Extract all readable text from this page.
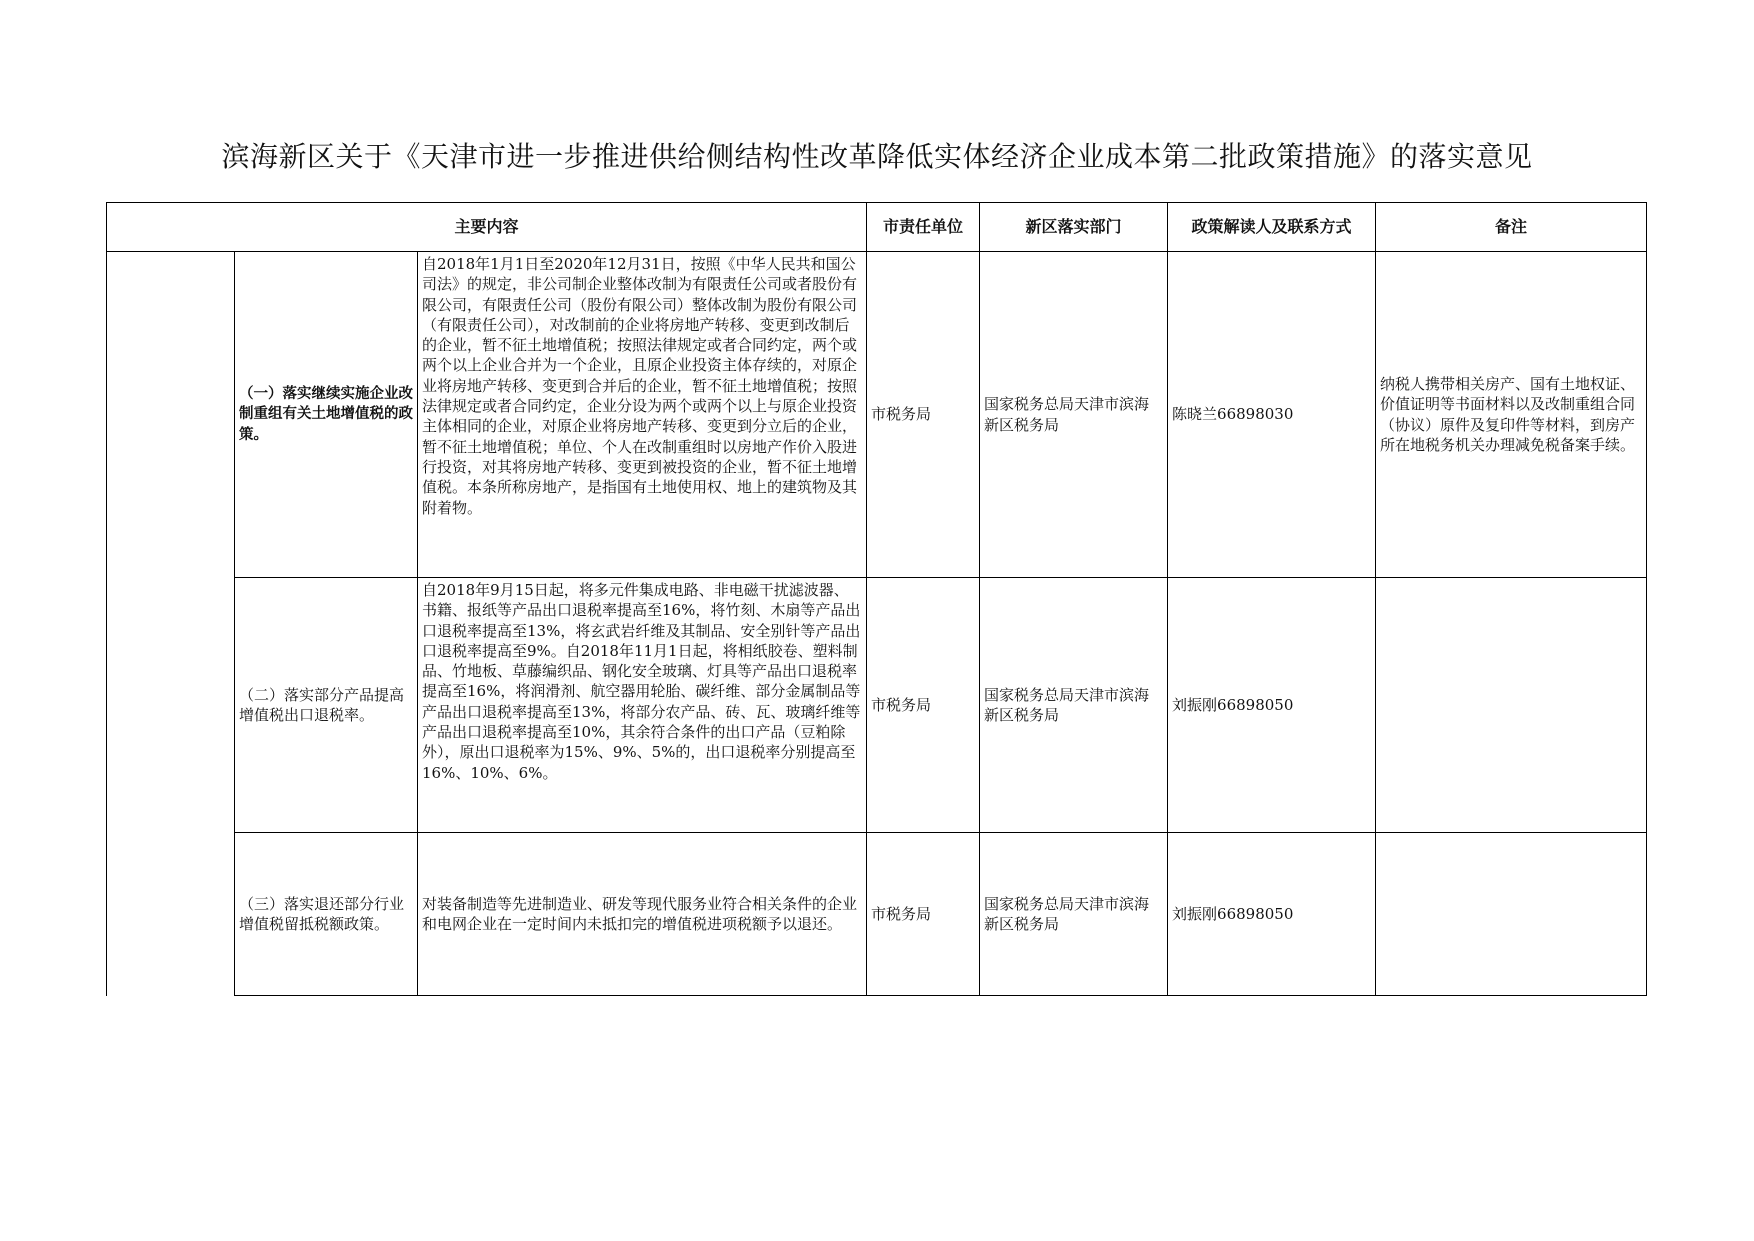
滨海新区关于《天津市进一步推进供给侧结构性改革降低实体经济企业成本第二批政策措施》的落实意见
主要内容			市责任单位	新区落实部门	政策解读人及联系方式	备注
	（一）落实继续实施企业改制重组有关土地增值税的政策。	自2018年1月1日至2020年12月31日，按照《中华人民共和国公司法》的规定，非公司制企业整体改制为有限责任公司或者股份有限公司，有限责任公司（股份有限公司）整体改制为股份有限公司（有限责任公司），对改制前的企业将房地产转移、变更到改制后的企业，暂不征土地增值税；按照法律规定或者合同约定，两个或两个以上企业合并为一个企业，且原企业投资主体存续的，对原企业将房地产转移、变更到合并后的企业，暂不征土地增值税；按照法律规定或者合同约定，企业分设为两个或两个以上与原企业投资主体相同的企业，对原企业将房地产转移、变更到分立后的企业，暂不征土地增值税；单位、个人在改制重组时以房地产作价入股进行投资，对其将房地产转移、变更到被投资的企业，暂不征土地增值税。本条所称房地产，是指国有土地使用权、地上的建筑物及其附着物。	市税务局	国家税务总局天津市滨海新区税务局	陈晓兰66898030	纳税人携带相关房产、国有土地权证、价值证明等书面材料以及改制重组合同（协议）原件及复印件等材料，到房产所在地税务机关办理减免税备案手续。
	（二）落实部分产品提高增值税出口退税率。	自2018年9月15日起，将多元件集成电路、非电磁干扰滤波器、书籍、报纸等产品出口退税率提高至16%，将竹刻、木扇等产品出口退税率提高至13%，将玄武岩纤维及其制品、安全别针等产品出口退税率提高至9%。自2018年11月1日起，将相纸胶卷、塑料制品、竹地板、草藤编织品、钢化安全玻璃、灯具等产品出口退税率提高至16%，将润滑剂、航空器用轮胎、碳纤维、部分金属制品等产品出口退税率提高至13%，将部分农产品、砖、瓦、玻璃纤维等产品出口退税率提高至10%，其余符合条件的出口产品（豆粕除外），原出口退税率为15%、9%、5%的，出口退税率分别提高至16%、10%、6%。	市税务局	国家税务总局天津市滨海新区税务局	刘振刚66898050	
	（三）落实退还部分行业增值税留抵税额政策。	对装备制造等先进制造业、研发等现代服务业符合相关条件的企业和电网企业在一定时间内未抵扣完的增值税进项税额予以退还。	市税务局	国家税务总局天津市滨海新区税务局	刘振刚66898050	
